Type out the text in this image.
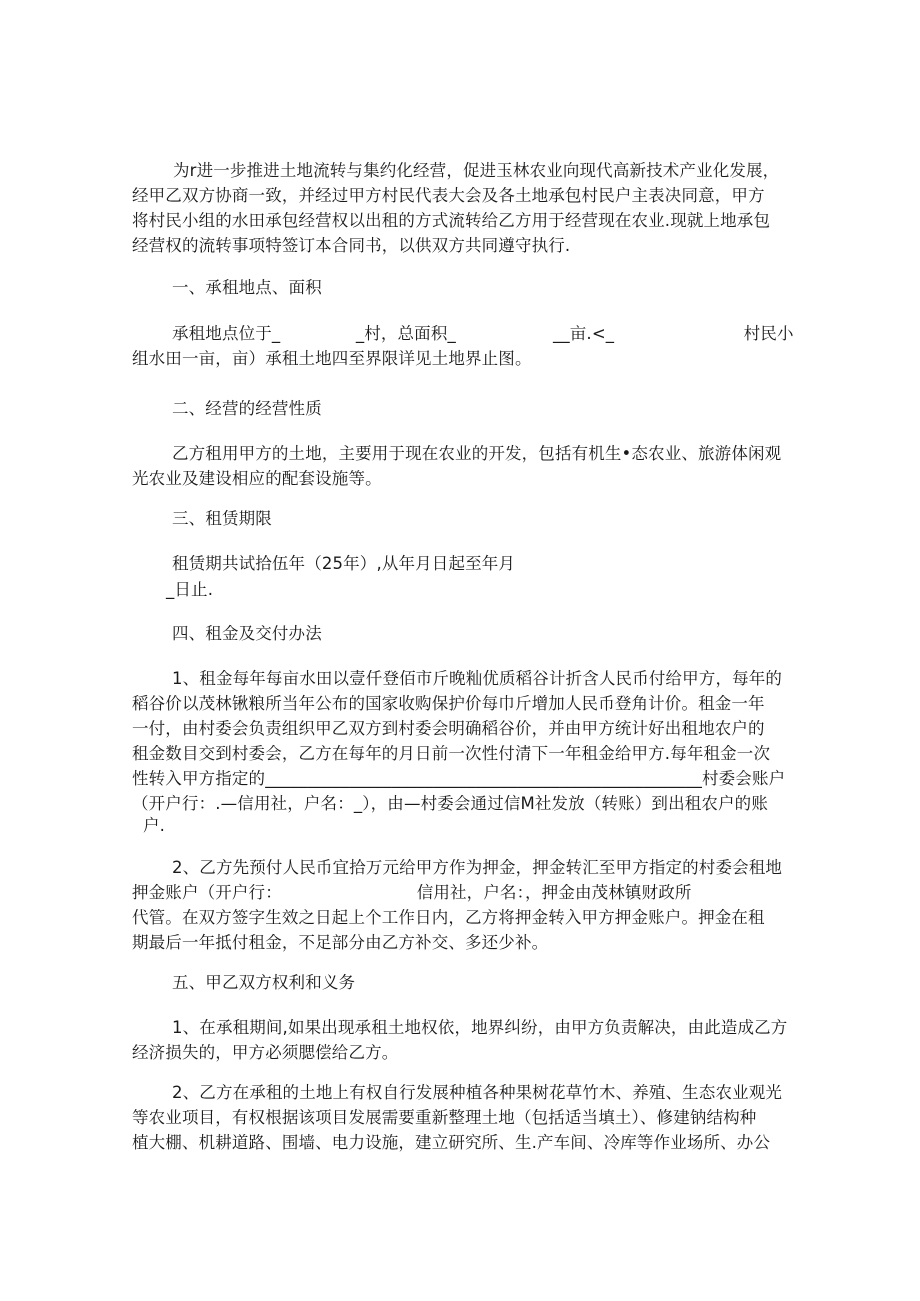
为r进一步推进土地流转与集约化经营，促进玉林农业向现代高新技术产业化发展，
经甲乙双方协商一致，并经过甲方村民代表大会及各土地承包村民户主表决同意，甲方
将村民小组的水田承包经营权以出租的方式流转给乙方用于经营现在农业.现就上地承包
经营权的流转事项特签订本合同书，以供双方共同遵守执行.
一、承租地点、面积
承租地点位于_              _村，总面积_                  __亩.<_                        村民小
组水田一亩，亩）承租土地四至界限详见土地界止图。
二、经营的经营性质
乙方租用甲方的土地，主要用于现在农业的开发，包括有机生•态农业、旅游体闲观
光农业及建设相应的配套设施等。
三、租赁期限
租赁期共试拾伍年（25年）,从年月日起至年月
_日止.
四、租金及交付办法
1、租金每年每亩水田以壹仟登佰市斤晚籼优质稻谷计折含人民币付给甲方，每年的
稻谷价以茂林锹粮所当年公布的国家收购保护价每巾斤增加人民币登角计价。租金一年
一付，由村委会负责组织甲乙双方到村委会明确稻谷价，并由甲方统计好出租地农户的
租金数目交到村委会，乙方在每年的月日前一次性付清下一年租金给甲方.每年租金一次
性转入甲方指定的____________________________________________________村委会账户
（开户行：.—信用社，户名：_），由—村委会通过信M社发放（转账）到出租农户的账
户.
2、乙方先预付人民币宜拾万元给甲方作为押金，押金转汇至甲方指定的村委会租地
押金账户（开户行：                         信用社，户名：，押金由茂林镇财政所
代管。在双方签字生效之日起上个工作日内，乙方将押金转入甲方押金账户。押金在租
期最后一年抵付租金，不足部分由乙方补交、多还少补。
五、甲乙双方权利和义务
1、在承租期间,如果出现承租土地权依，地界纠纷，由甲方负责解决，由此造成乙方
经济损失的，甲方必须腮偿给乙方。
2、乙方在承租的土地上有权自行发展种植各种果树花草竹木、养殖、生态农业观光
等农业项目，有权根据该项目发展需要重新整理土地（包括适当填土）、修建钠结构种
植大棚、机耕道路、围墙、电力设施，建立研究所、生.产车间、冷库等作业场所、办公
